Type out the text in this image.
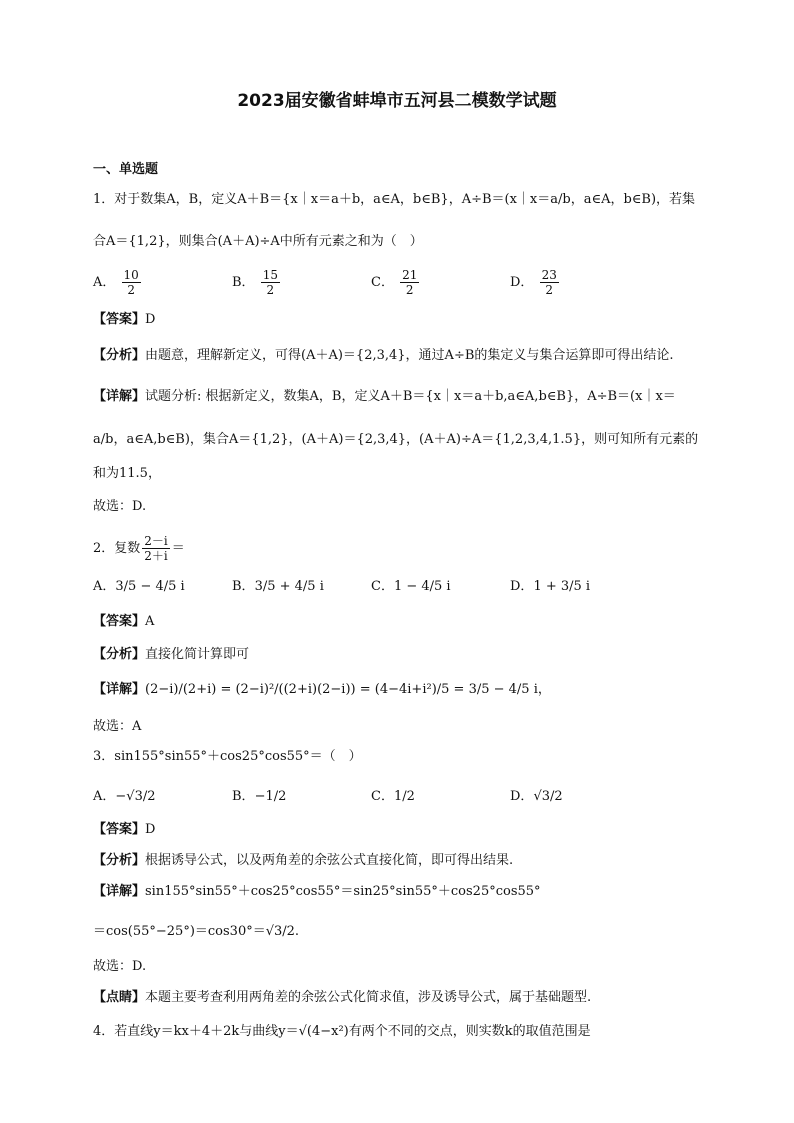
2023届安徽省蚌埠市五河县二模数学试题
一、单选题
1．对于数集A，B，定义A＋B＝{x｜x＝a＋b，a∈A，b∈B}，A÷B＝(x｜x＝a/b，a∈A，b∈B)，若集
合A＝{1,2}，则集合(A＋A)÷A中所有元素之和为（　）
A． $\frac{10}{2}$	B． $\frac{15}{2}$	C． $\frac{21}{2}$	D． $\frac{23}{2}$
【答案】D
【分析】由题意，理解新定义，可得(A＋A)＝{2,3,4}，通过A÷B的集定义与集合运算即可得出结论.
【详解】试题分析: 根据新定义，数集A，B，定义A＋B＝{x｜x＝a＋b,a∈A,b∈B}，A÷B＝(x｜x＝
a/b，a∈A,b∈B)，集合A＝{1,2}，(A＋A)＝{2,3,4}，(A＋A)÷A＝{1,2,3,4,1.5}，则可知所有元素的
和为11.5，
故选：D.
2．复数 $\frac{2-i}{2+i}$ ＝
A．3/5 − 4/5 i	B．3/5 + 4/5 i	C．1 − 4/5 i	D．1 + 3/5 i
【答案】A
【分析】直接化简计算即可
【详解】(2−i)/(2+i) = (2−i)²/((2+i)(2−i)) = (4−4i+i²)/5 = 3/5 − 4/5 i，
故选：A
3．sin155°sin55°＋cos25°cos55°＝（　）
A．−√3/2	B．−1/2	C．1/2	D．√3/2
【答案】D
【分析】根据诱导公式，以及两角差的余弦公式直接化简，即可得出结果.
【详解】sin155°sin55°＋cos25°cos55°＝sin25°sin55°＋cos25°cos55°
＝cos(55°−25°)＝cos30°＝√3/2.
故选：D.
【点睛】本题主要考查利用两角差的余弦公式化简求值，涉及诱导公式，属于基础题型.
4．若直线y＝kx＋4＋2k与曲线y＝√(4−x²)有两个不同的交点，则实数k的取值范围是
